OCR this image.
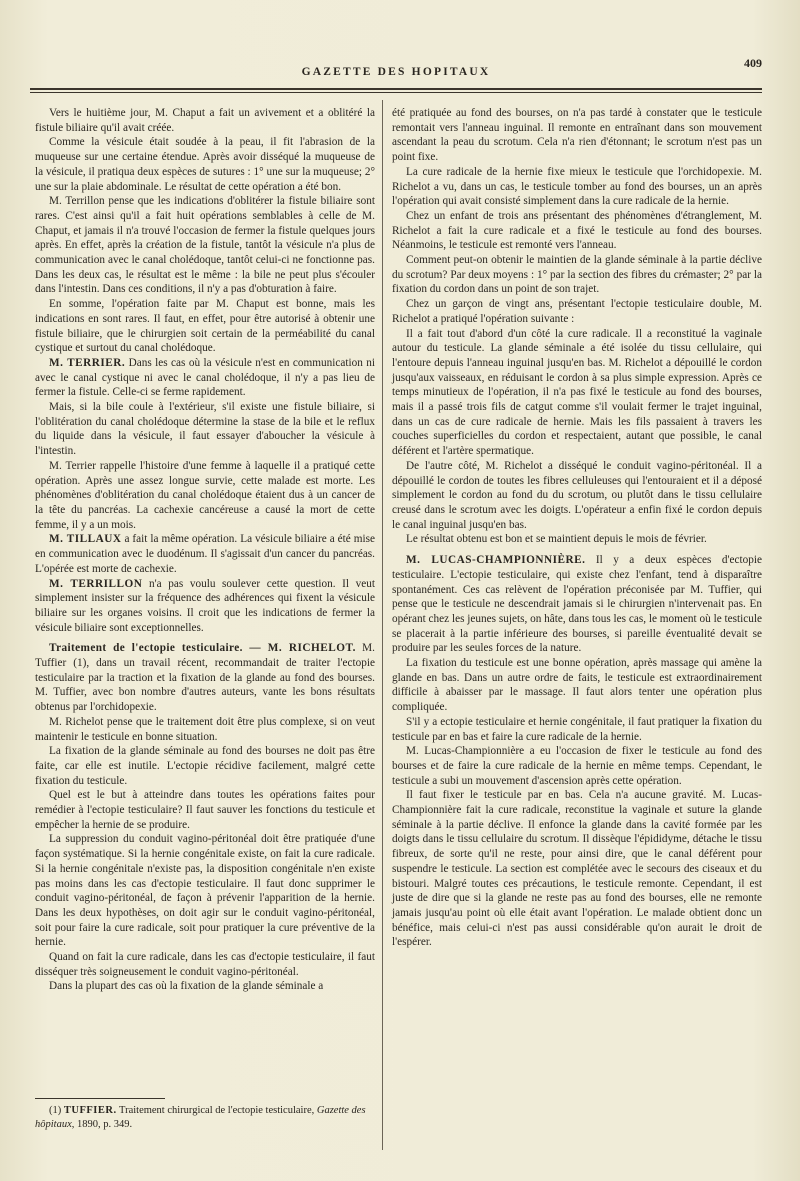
GAZETTE DES HOPITAUX
409

Vers le huitième jour, M. Chaput a fait un avivement et a oblitéré la fistule biliaire qu'il avait créée.

Comme la vésicule était soudée à la peau, il fit l'abrasion de la muqueuse sur une certaine étendue. Après avoir disséqué la muqueuse de la vésicule, il pratiqua deux espèces de sutures : 1° une sur la muqueuse; 2° une sur la plaie abdominale. Le résultat de cette opération a été bon.

M. Terrillon pense que les indications d'oblitérer la fistule biliaire sont rares. C'est ainsi qu'il a fait huit opérations semblables à celle de M. Chaput, et jamais il n'a trouvé l'occasion de fermer la fistule quelques jours après. En effet, après la création de la fistule, tantôt la vésicule n'a plus de communication avec le canal cholédoque, tantôt celui-ci ne fonctionne pas. Dans les deux cas, le résultat est le même : la bile ne peut plus s'écouler dans l'intestin. Dans ces conditions, il n'y a pas d'obturation à faire.

En somme, l'opération faite par M. Chaput est bonne, mais les indications en sont rares. Il faut, en effet, pour être autorisé à obtenir une fistule biliaire, que le chirurgien soit certain de la perméabilité du canal cystique et surtout du canal cholédoque.

M. TERRIER. Dans les cas où la vésicule n'est en communication ni avec le canal cystique ni avec le canal cholédoque, il n'y a pas lieu de fermer la fistule. Celle-ci se ferme rapidement.

Mais, si la bile coule à l'extérieur, s'il existe une fistule biliaire, si l'oblitération du canal cholédoque détermine la stase de la bile et le reflux du liquide dans la vésicule, il faut essayer d'aboucher la vésicule à l'intestin.

M. Terrier rappelle l'histoire d'une femme à laquelle il a pratiqué cette opération. Après une assez longue survie, cette malade est morte. Les phénomènes d'oblitération du canal cholédoque étaient dus à un cancer de la tête du pancréas. La cachexie cancéreuse a causé la mort de cette femme, il y a un mois.

M. TILLAUX a fait la même opération. La vésicule biliaire a été mise en communication avec le duodénum. Il s'agissait d'un cancer du pancréas. L'opérée est morte de cachexie.

M. TERRILLON n'a pas voulu soulever cette question. Il veut simplement insister sur la fréquence des adhérences qui fixent la vésicule biliaire sur les organes voisins. Il croit que les indications de fermer la vésicule biliaire sont exceptionnelles.

Traitement de l'ectopie testiculaire. — M. RICHELOT. M. Tuffier (1), dans un travail récent, recommandait de traiter l'ectopie testiculaire par la traction et la fixation de la glande au fond des bourses. M. Tuffier, avec bon nombre d'autres auteurs, vante les bons résultats obtenus par l'orchidopexie.

M. Richelot pense que le traitement doit être plus complexe, si on veut maintenir le testicule en bonne situation.

La fixation de la glande séminale au fond des bourses ne doit pas être faite, car elle est inutile. L'ectopie récidive facilement, malgré cette fixation du testicule.

Quel est le but à atteindre dans toutes les opérations faites pour remédier à l'ectopie testiculaire? Il faut sauver les fonctions du testicule et empêcher la hernie de se produire.

La suppression du conduit vagino-péritonéal doit être pratiquée d'une façon systématique. Si la hernie congénitale existe, on fait la cure radicale. Si la hernie congénitale n'existe pas, la disposition congénitale n'en existe pas moins dans les cas d'ectopie testiculaire. Il faut donc supprimer le conduit vagino-péritonéal, de façon à prévenir l'apparition de la hernie. Dans les deux hypothèses, on doit agir sur le conduit vagino-péritonéal, soit pour faire la cure radicale, soit pour pratiquer la cure préventive de la hernie.

Quand on fait la cure radicale, dans les cas d'ectopie testiculaire, il faut disséquer très soigneusement le conduit vagino-péritonéal.

Dans la plupart des cas où la fixation de la glande séminale a

été pratiquée au fond des bourses, on n'a pas tardé à constater que le testicule remontait vers l'anneau inguinal. Il remonte en entraînant dans son mouvement ascendant la peau du scrotum. Cela n'a rien d'étonnant; le scrotum n'est pas un point fixe.

La cure radicale de la hernie fixe mieux le testicule que l'orchidopexie. M. Richelot a vu, dans un cas, le testicule tomber au fond des bourses, un an après l'opération qui avait consisté simplement dans la cure radicale de la hernie.

Chez un enfant de trois ans présentant des phénomènes d'étranglement, M. Richelot a fait la cure radicale et a fixé le testicule au fond des bourses. Néanmoins, le testicule est remonté vers l'anneau.

Comment peut-on obtenir le maintien de la glande séminale à la partie déclive du scrotum? Par deux moyens : 1° par la section des fibres du crémaster; 2° par la fixation du cordon dans un point de son trajet.

Chez un garçon de vingt ans, présentant l'ectopie testiculaire double, M. Richelot a pratiqué l'opération suivante :

Il a fait tout d'abord d'un côté la cure radicale. Il a reconstitué la vaginale autour du testicule. La glande séminale a été isolée du tissu cellulaire, qui l'entoure depuis l'anneau inguinal jusqu'en bas. M. Richelot a dépouillé le cordon jusqu'aux vaisseaux, en réduisant le cordon à sa plus simple expression. Après ce temps minutieux de l'opération, il n'a pas fixé le testicule au fond des bourses, mais il a passé trois fils de catgut comme s'il voulait fermer le trajet inguinal, dans un cas de cure radicale de hernie. Mais les fils passaient à travers les couches superficielles du cordon et respectaient, autant que possible, le canal déférent et l'artère spermatique.

De l'autre côté, M. Richelot a disséqué le conduit vagino-péritonéal. Il a dépouillé le cordon de toutes les fibres celluleuses qui l'entouraient et il a déposé simplement le cordon au fond du du scrotum, ou plutôt dans le tissu cellulaire creusé dans le scrotum avec les doigts. L'opérateur a enfin fixé le cordon depuis le canal inguinal jusqu'en bas.

Le résultat obtenu est bon et se maintient depuis le mois de février.

M. LUCAS-CHAMPIONNIÈRE. Il y a deux espèces d'ectopie testiculaire. L'ectopie testiculaire, qui existe chez l'enfant, tend à disparaître spontanément. Ces cas relèvent de l'opération préconisée par M. Tuffier, qui pense que le testicule ne descendrait jamais si le chirurgien n'intervenait pas. En opérant chez les jeunes sujets, on hâte, dans tous les cas, le moment où le testicule se placerait à la partie inférieure des bourses, si pareille éventualité devait se produire par les seules forces de la nature.

La fixation du testicule est une bonne opération, après massage qui amène la glande en bas. Dans un autre ordre de faits, le testicule est extraordinairement difficile à abaisser par le massage. Il faut alors tenter une opération plus compliquée.

S'il y a ectopie testiculaire et hernie congénitale, il faut pratiquer la fixation du testicule par en bas et faire la cure radicale de la hernie.

M. Lucas-Championnière a eu l'occasion de fixer le testicule au fond des bourses et de faire la cure radicale de la hernie en même temps. Cependant, le testicule a subi un mouvement d'ascension après cette opération.

Il faut fixer le testicule par en bas. Cela n'a aucune gravité. M. Lucas-Championnière fait la cure radicale, reconstitue la vaginale et suture la glande séminale à la partie déclive. Il enfonce la glande dans la cavité formée par les doigts dans le tissu cellulaire du scrotum. Il dissèque l'épididyme, détache le tissu fibreux, de sorte qu'il ne reste, pour ainsi dire, que le canal déférent pour suspendre le testicule. La section est complétée avec le secours des ciseaux et du bistouri. Malgré toutes ces précautions, le testicule remonte. Cependant, il est juste de dire que si la glande ne reste pas au fond des bourses, elle ne remonte jamais jusqu'au point où elle était avant l'opération. Le malade obtient donc un bénéfice, mais celui-ci n'est pas aussi considérable qu'on aurait le droit de l'espérer.

(1) TUFFIER. Traitement chirurgical de l'ectopie testiculaire, Gazette des hôpitaux, 1890, p. 349.
